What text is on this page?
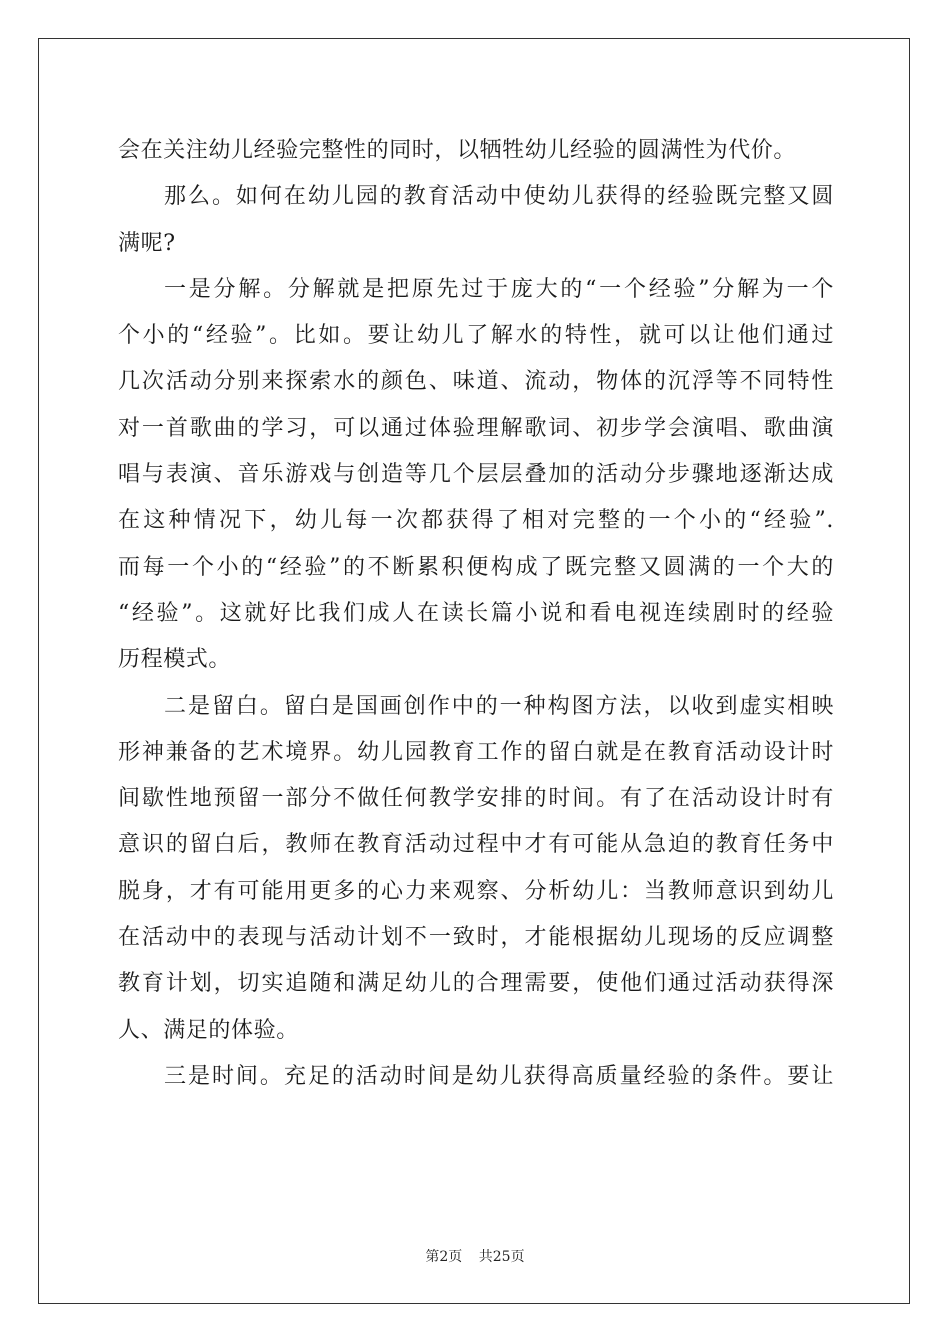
会在关注幼儿经验完整性的同时，以牺牲幼儿经验的圆满性为代价。
那么。如何在幼儿园的教育活动中使幼儿获得的经验既完整又圆
满呢?
一是分解。分解就是把原先过于庞大的“一个经验”分解为一个
个小的“经验”。比如。要让幼儿了解水的特性，就可以让他们通过
几次活动分别来探索水的颜色、味道、流动，物体的沉浮等不同特性
对一首歌曲的学习，可以通过体验理解歌词、初步学会演唱、歌曲演
唱与表演、音乐游戏与创造等几个层层叠加的活动分步骤地逐渐达成
在这种情况下，幼儿每一次都获得了相对完整的一个小的“经验”.
而每一个小的“经验”的不断累积便构成了既完整又圆满的一个大的
“经验”。这就好比我们成人在读长篇小说和看电视连续剧时的经验
历程模式。
二是留白。留白是国画创作中的一种构图方法，以收到虚实相映
形神兼备的艺术境界。幼儿园教育工作的留白就是在教育活动设计时
间歇性地预留一部分不做任何教学安排的时间。有了在活动设计时有
意识的留白后，教师在教育活动过程中才有可能从急迫的教育任务中
脱身，才有可能用更多的心力来观察、分析幼儿：当教师意识到幼儿
在活动中的表现与活动计划不一致时，才能根据幼儿现场的反应调整
教育计划，切实追随和满足幼儿的合理需要，使他们通过活动获得深
人、满足的体验。
三是时间。充足的活动时间是幼儿获得高质量经验的条件。要让
第2页 共25页
